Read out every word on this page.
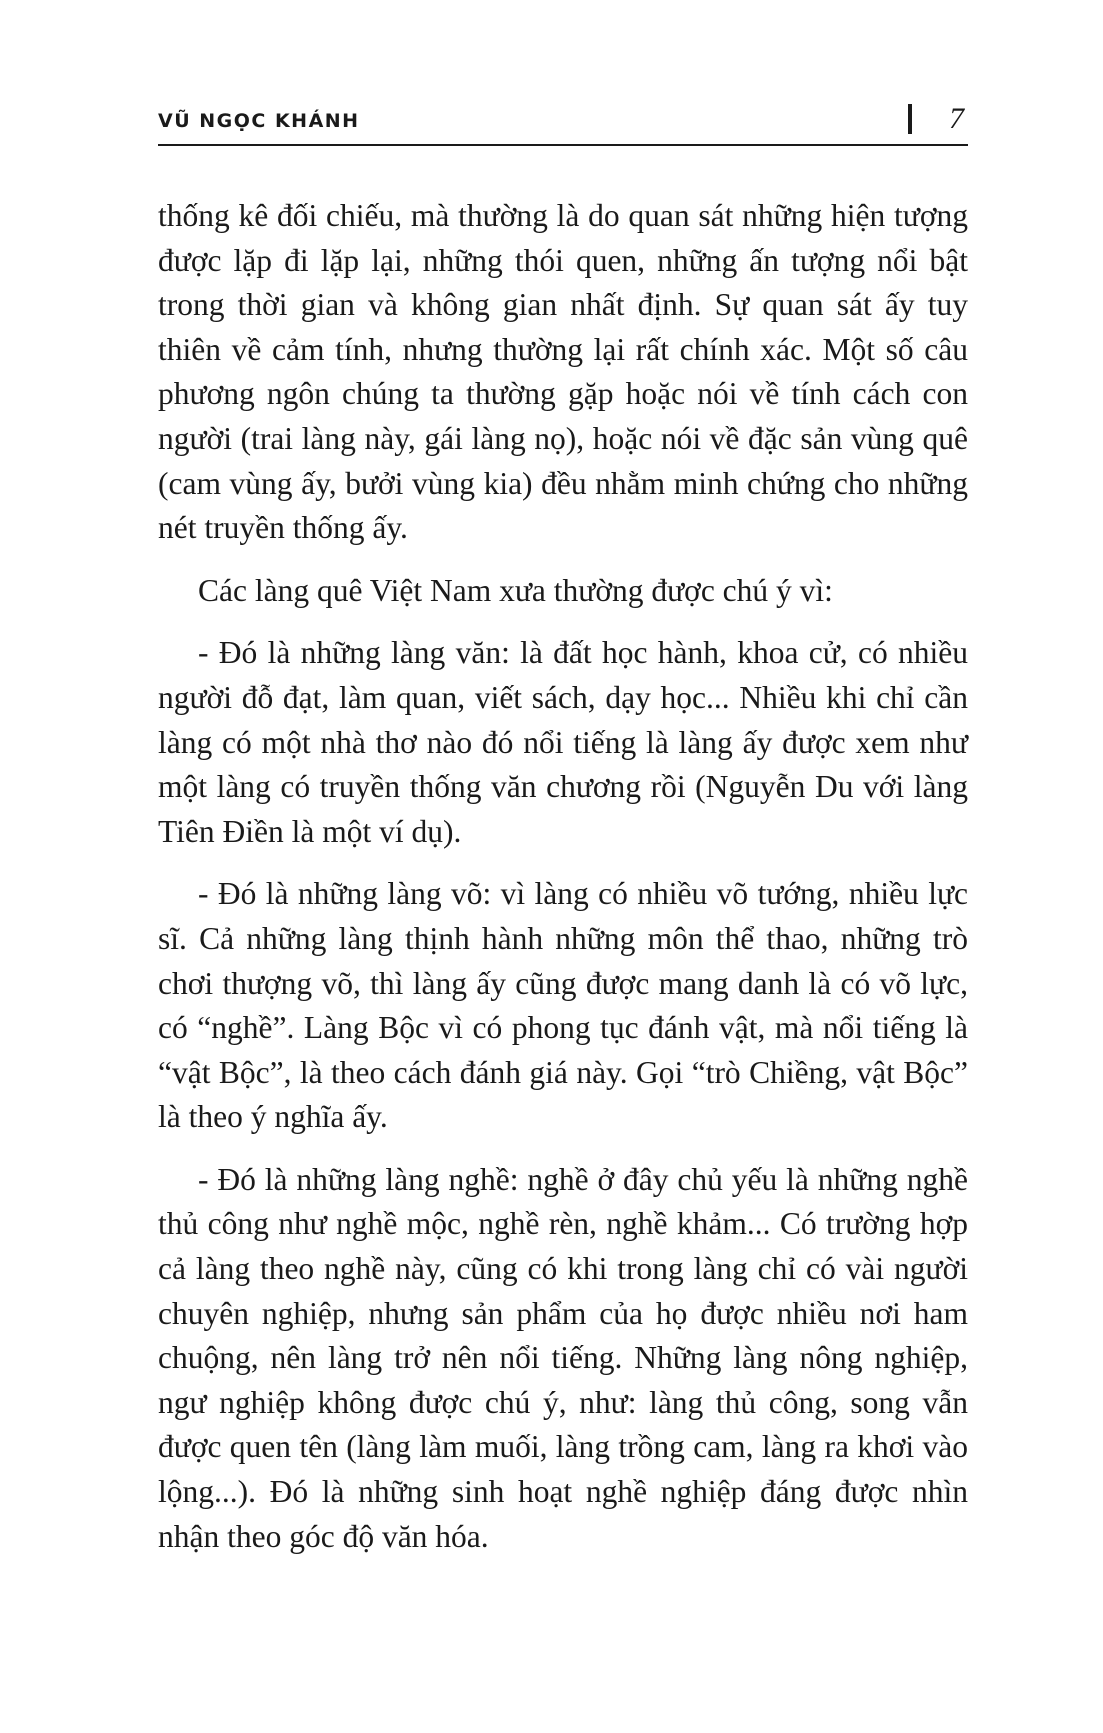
VŨ NGỌC KHÁNH	7

thống kê đối chiếu, mà thường là do quan sát những hiện tượng được lặp đi lặp lại, những thói quen, những ấn tượng nổi bật trong thời gian và không gian nhất định. Sự quan sát ấy tuy thiên về cảm tính, nhưng thường lại rất chính xác. Một số câu phương ngôn chúng ta thường gặp hoặc nói về tính cách con người (trai làng này, gái làng nọ), hoặc nói về đặc sản vùng quê (cam vùng ấy, bưởi vùng kia) đều nhằm minh chứng cho những nét truyền thống ấy.

Các làng quê Việt Nam xưa thường được chú ý vì:

- Đó là những làng văn: là đất học hành, khoa cử, có nhiều người đỗ đạt, làm quan, viết sách, dạy học... Nhiều khi chỉ cần làng có một nhà thơ nào đó nổi tiếng là làng ấy được xem như một làng có truyền thống văn chương rồi (Nguyễn Du với làng Tiên Điền là một ví dụ).

- Đó là những làng võ: vì làng có nhiều võ tướng, nhiều lực sĩ. Cả những làng thịnh hành những môn thể thao, những trò chơi thượng võ, thì làng ấy cũng được mang danh là có võ lực, có “nghề”. Làng Bộc vì có phong tục đánh vật, mà nổi tiếng là “vật Bộc”, là theo cách đánh giá này. Gọi “trò Chiềng, vật Bộc” là theo ý nghĩa ấy.

- Đó là những làng nghề: nghề ở đây chủ yếu là những nghề thủ công như nghề mộc, nghề rèn, nghề khảm... Có trường hợp cả làng theo nghề này, cũng có khi trong làng chỉ có vài người chuyên nghiệp, nhưng sản phẩm của họ được nhiều nơi ham chuộng, nên làng trở nên nổi tiếng. Những làng nông nghiệp, ngư nghiệp không được chú ý, như: làng thủ công, song vẫn được quen tên (làng làm muối, làng trồng cam, làng ra khơi vào lộng...). Đó là những sinh hoạt nghề nghiệp đáng được nhìn nhận theo góc độ văn hóa.
